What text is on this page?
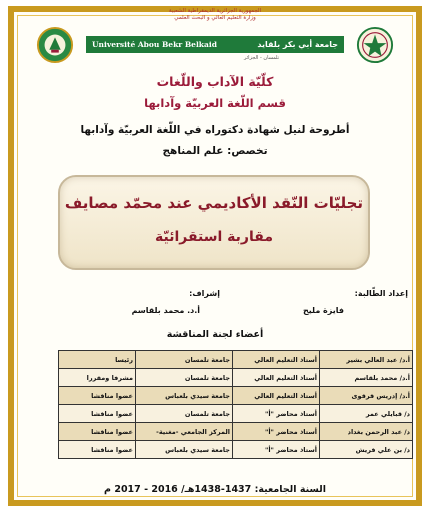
الجمهورية الجزائرية الديمقراطية الشعبية
وزارة التعليم العالي و البحث العلمي
Université Abou Bekr Belkaid	جامعة أبي بكر بلقايد
تلمسان - الجزائر
كلّيّة الآداب واللّغات
قسم اللّغة العربيّة وآدابها
أطروحة لنيل شهادة دكتوراه في اللّغة العربيّة وآدابها
تخصص: علم المناهج
تجليّات النّقد الأكاديمي عند محمّد مصايف
مقاربة استقرائيّة
إعداد الطّالبة:
فايزة مليح
إشراف:
أ.د. محمد بلقاسم
أعضاء لجنة المناقشة
أ.د/ عبد العالي بشير	أستاذ التعليم العالي	جامعة تلمسان	رئيسا
أ.د/ محمد بلقاسم	أستاذ التعليم العالي	جامعة تلمسان	مشرفا ومقررا
أ.د/ إدريس قرقوى	أستاذ التعليم العالي	جامعة سيدي بلعباس	عضوا مناقشا
د/ قبايلي عمر	أستاذ محاضر "أ"	جامعة تلمسان	عضوا مناقشا
د/ عبد الرحمن بغداد	أستاذ محاضر "أ"	المركز الجامعي -مغنية-	عضوا مناقشا
د/ بن علي قريش	أستاذ محاضر "أ"	جامعة سيدي بلعباس	عضوا مناقشا
السنة الجامعية: 1437-1438هـ/ 2016 - 2017 م
